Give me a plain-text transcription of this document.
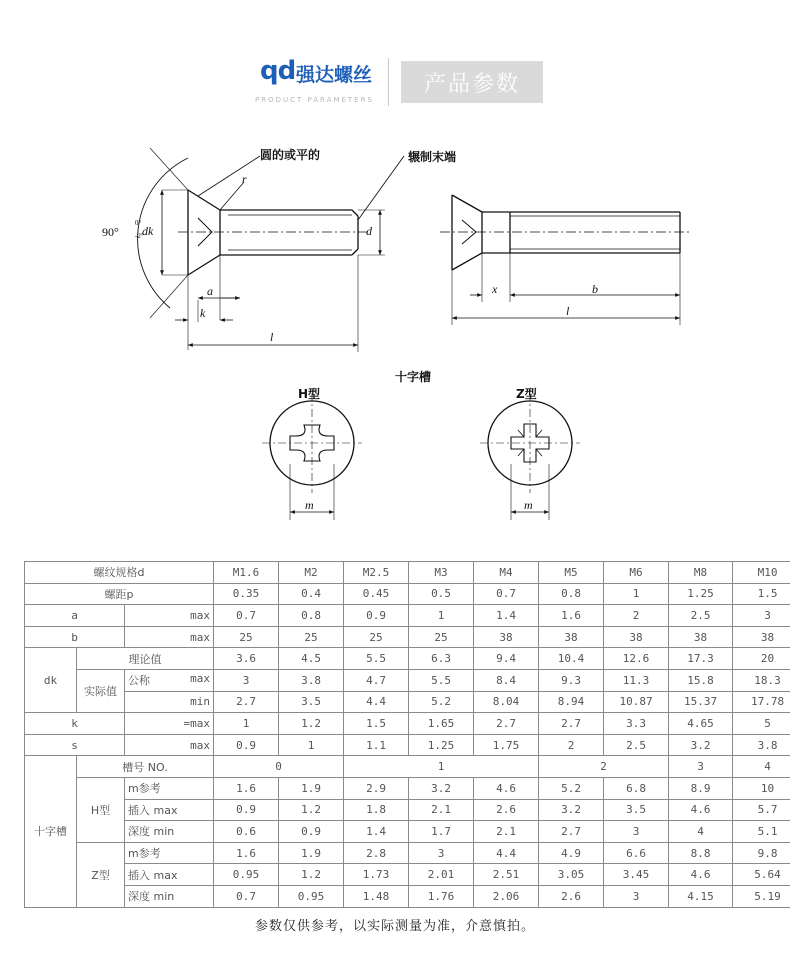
qd 强达螺丝
PRODUCT PARAMETERS
产品参数
圆的或平的	辗制末端
90°
0°
-2°
r
dk	d
a
k
l
x	b
l
十字槽
H型	Z型
m	m
螺纹规格d			M1.6	M2	M2.5	M3	M4	M5	M6	M8	M10
螺距p			0.35	0.4	0.45	0.5	0.7	0.8	1	1.25	1.5
a		max	0.7	0.8	0.9	1	1.4	1.6	2	2.5	3
b		max	25	25	25	25	38	38	38	38	38
dk	理论值		3.6	4.5	5.5	6.3	9.4	10.4	12.6	17.3	20
	实际值	公称 max	3	3.8	4.7	5.5	8.4	9.3	11.3	15.8	18.3
		min	2.7	3.5	4.4	5.2	8.04	8.94	10.87	15.37	17.78
k		=max	1	1.2	1.5	1.65	2.7	2.7	3.3	4.65	5
s		max	0.9	1	1.1	1.25	1.75	2	2.5	3.2	3.8
十字槽	槽号 NO.		0		1			2		3	4
	H型	m参考	1.6	1.9	2.9	3.2	4.6	5.2	6.8	8.9	10
		插入 max	0.9	1.2	1.8	2.1	2.6	3.2	3.5	4.6	5.7
		深度 min	0.6	0.9	1.4	1.7	2.1	2.7	3	4	5.1
	Z型	m参考	1.6	1.9	2.8	3	4.4	4.9	6.6	8.8	9.8
		插入 max	0.95	1.2	1.73	2.01	2.51	3.05	3.45	4.6	5.64
		深度 min	0.7	0.95	1.48	1.76	2.06	2.6	3	4.15	5.19
参数仅供参考，以实际测量为准，介意慎拍。
